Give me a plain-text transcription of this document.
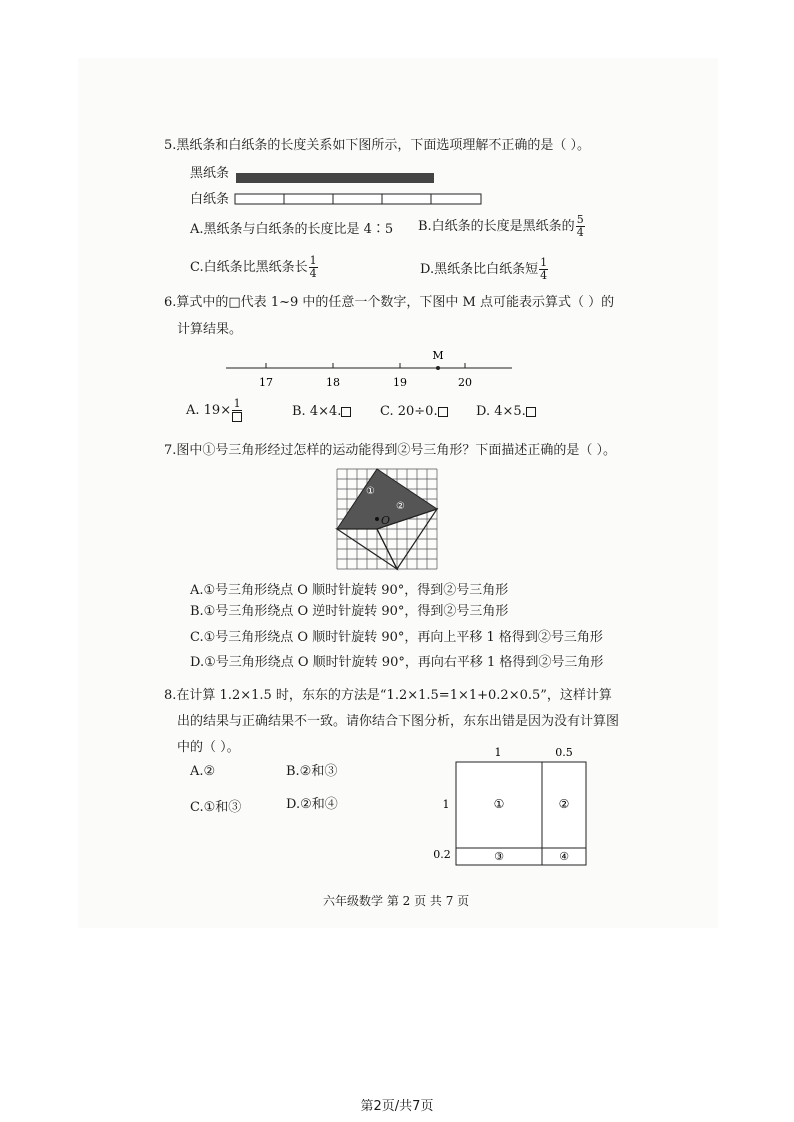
5.黑纸条和白纸条的长度关系如下图所示，下面选项理解不正确的是（ ）。
黑纸条
白纸条
A.黑纸条与白纸条的长度比是 4∶5 B.白纸条的长度是黑纸条的 $\frac{5}{4}$
C.白纸条比黑纸条长 $\frac{1}{4}$	D.黑纸条比白纸条短 $\frac{1}{4}$
6.算式中的□代表 1~9 中的任意一个数字，下图中 M 点可能表示算式（ ）的
计算结果。
M
17	18	19	20
A. 19× 1
B. 4×4.	C. 20÷0.	D. 4×5.
7.图中①号三角形经过怎样的运动能得到②号三角形？下面描述正确的是（ ）。
O
①
②
A.①号三角形绕点 O 顺时针旋转 90°，得到②号三角形
B.①号三角形绕点 O 逆时针旋转 90°，得到②号三角形
C.①号三角形绕点 O 顺时针旋转 90°，再向上平移 1 格得到②号三角形
D.①号三角形绕点 O 顺时针旋转 90°，再向右平移 1 格得到②号三角形
8.在计算 1.2×1.5 时，东东的方法是“1.2×1.5=1×1+0.2×0.5”，这样计算
出的结果与正确结果不一致。请你结合下图分析，东东出错是因为没有计算图
中的（ ）。
A.②	B.②和③
C.①和③	D.②和④
1	0.5
1
0.2
①	②
③	④
六年级数学 第 2 页 共 7 页
第2页/共7页
